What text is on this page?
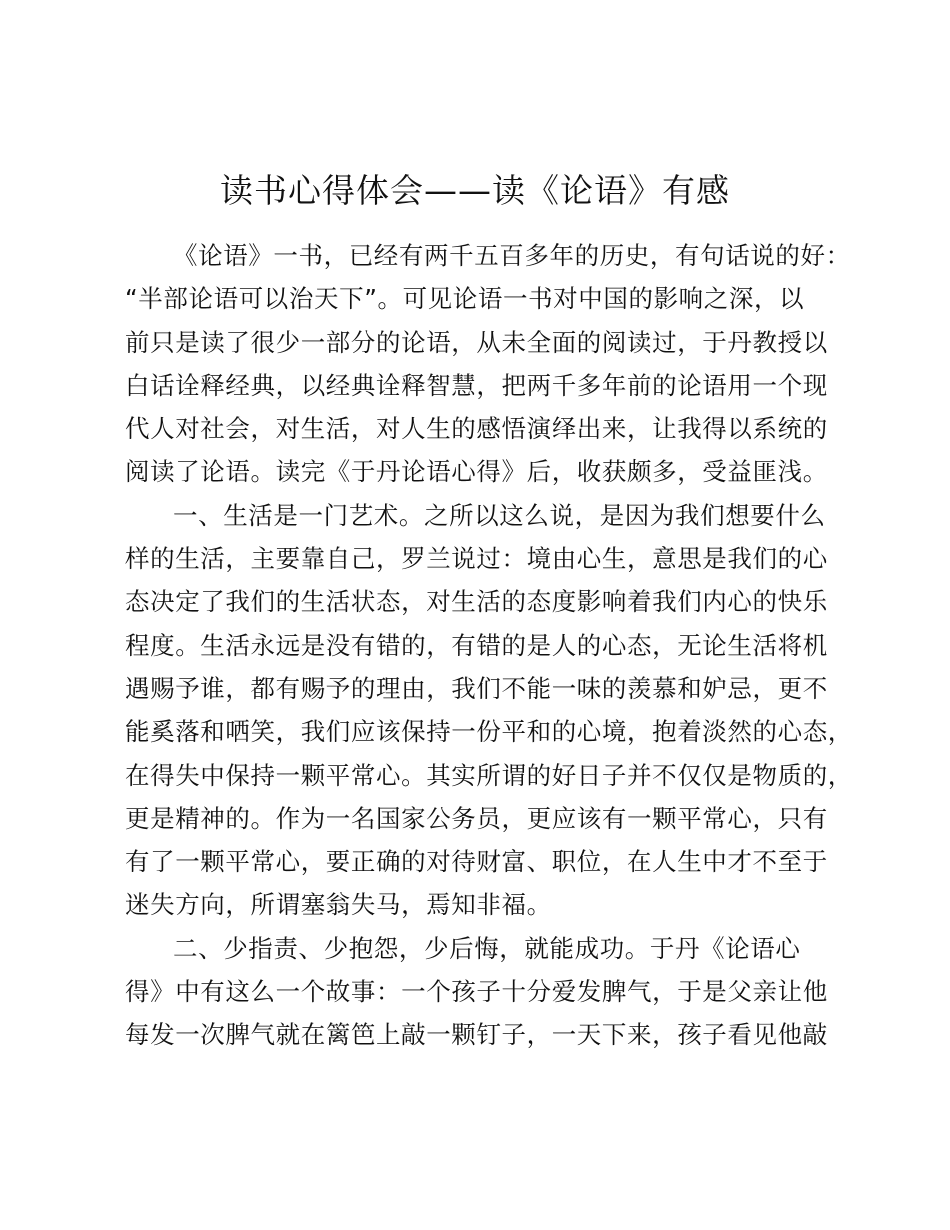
读书心得体会——读《论语》有感
《论语》一书，已经有两千五百多年的历史，有句话说的好：
“半部论语可以治天下”。可见论语一书对中国的影响之深，以
前只是读了很少一部分的论语，从未全面的阅读过，于丹教授以
白话诠释经典，以经典诠释智慧，把两千多年前的论语用一个现
代人对社会，对生活，对人生的感悟演绎出来，让我得以系统的
阅读了论语。读完《于丹论语心得》后，收获颇多，受益匪浅。
一、生活是一门艺术。之所以这么说，是因为我们想要什么
样的生活，主要靠自己，罗兰说过：境由心生，意思是我们的心
态决定了我们的生活状态，对生活的态度影响着我们内心的快乐
程度。生活永远是没有错的，有错的是人的心态，无论生活将机
遇赐予谁，都有赐予的理由，我们不能一味的羡慕和妒忌，更不
能奚落和哂笑，我们应该保持一份平和的心境，抱着淡然的心态，
在得失中保持一颗平常心。其实所谓的好日子并不仅仅是物质的，
更是精神的。作为一名国家公务员，更应该有一颗平常心，只有
有了一颗平常心，要正确的对待财富、职位，在人生中才不至于
迷失方向，所谓塞翁失马，焉知非福。
二、少指责、少抱怨，少后悔，就能成功。于丹《论语心
得》中有这么一个故事：一个孩子十分爱发脾气，于是父亲让他
每发一次脾气就在篱笆上敲一颗钉子，一天下来，孩子看见他敲
